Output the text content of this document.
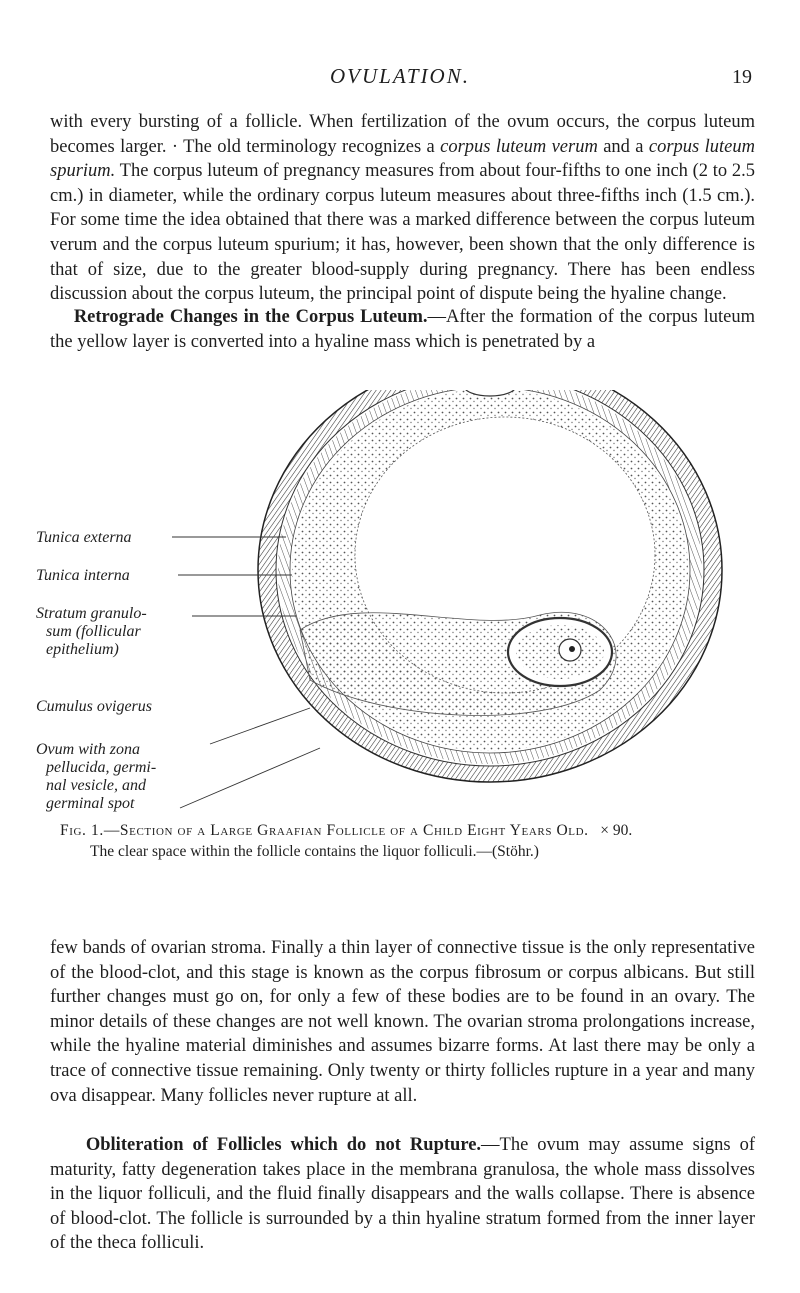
OVULATION.	19

with every bursting of a follicle. When fertilization of the ovum occurs, the corpus luteum becomes larger. · The old terminology recognizes a corpus luteum verum and a corpus luteum spurium. The corpus luteum of pregnancy measures from about four-fifths to one inch (2 to 2.5 cm.) in diameter, while the ordinary corpus luteum measures about three-fifths inch (1.5 cm.). For some time the idea obtained that there was a marked difference between the corpus luteum verum and the corpus luteum spurium; it has, however, been shown that the only difference is that of size, due to the greater blood-supply during pregnancy. There has been endless discussion about the corpus luteum, the principal point of dispute being the hyaline change.

Retrograde Changes in the Corpus Luteum.—After the formation of the corpus luteum the yellow layer is converted into a hyaline mass which is penetrated by a

Tunica externa
Tunica interna
Stratum granulo-
sum (follicular
epithelium)
Cumulus ovigerus
Ovum with zona
pellucida, germi-
nal vesicle, and
germinal spot
Fig. 1.—Section of a Large Graafian Follicle of a Child Eight Years Old. × 90.
The clear space within the follicle contains the liquor folliculi.—(Stöhr.)

few bands of ovarian stroma. Finally a thin layer of connective tissue is the only representative of the blood-clot, and this stage is known as the corpus fibrosum or corpus albicans. But still further changes must go on, for only a few of these bodies are to be found in an ovary. The minor details of these changes are not well known. The ovarian stroma prolongations increase, while the hyaline material diminishes and assumes bizarre forms. At last there may be only a trace of connective tissue remaining. Only twenty or thirty follicles rupture in a year and many ova disappear. Many follicles never rupture at all.

Obliteration of Follicles which do not Rupture.—The ovum may assume signs of maturity, fatty degeneration takes place in the membrana granulosa, the whole mass dissolves in the liquor folliculi, and the fluid finally disappears and the walls collapse. There is absence of blood-clot. The follicle is surrounded by a thin hyaline stratum formed from the inner layer of the theca folliculi.
